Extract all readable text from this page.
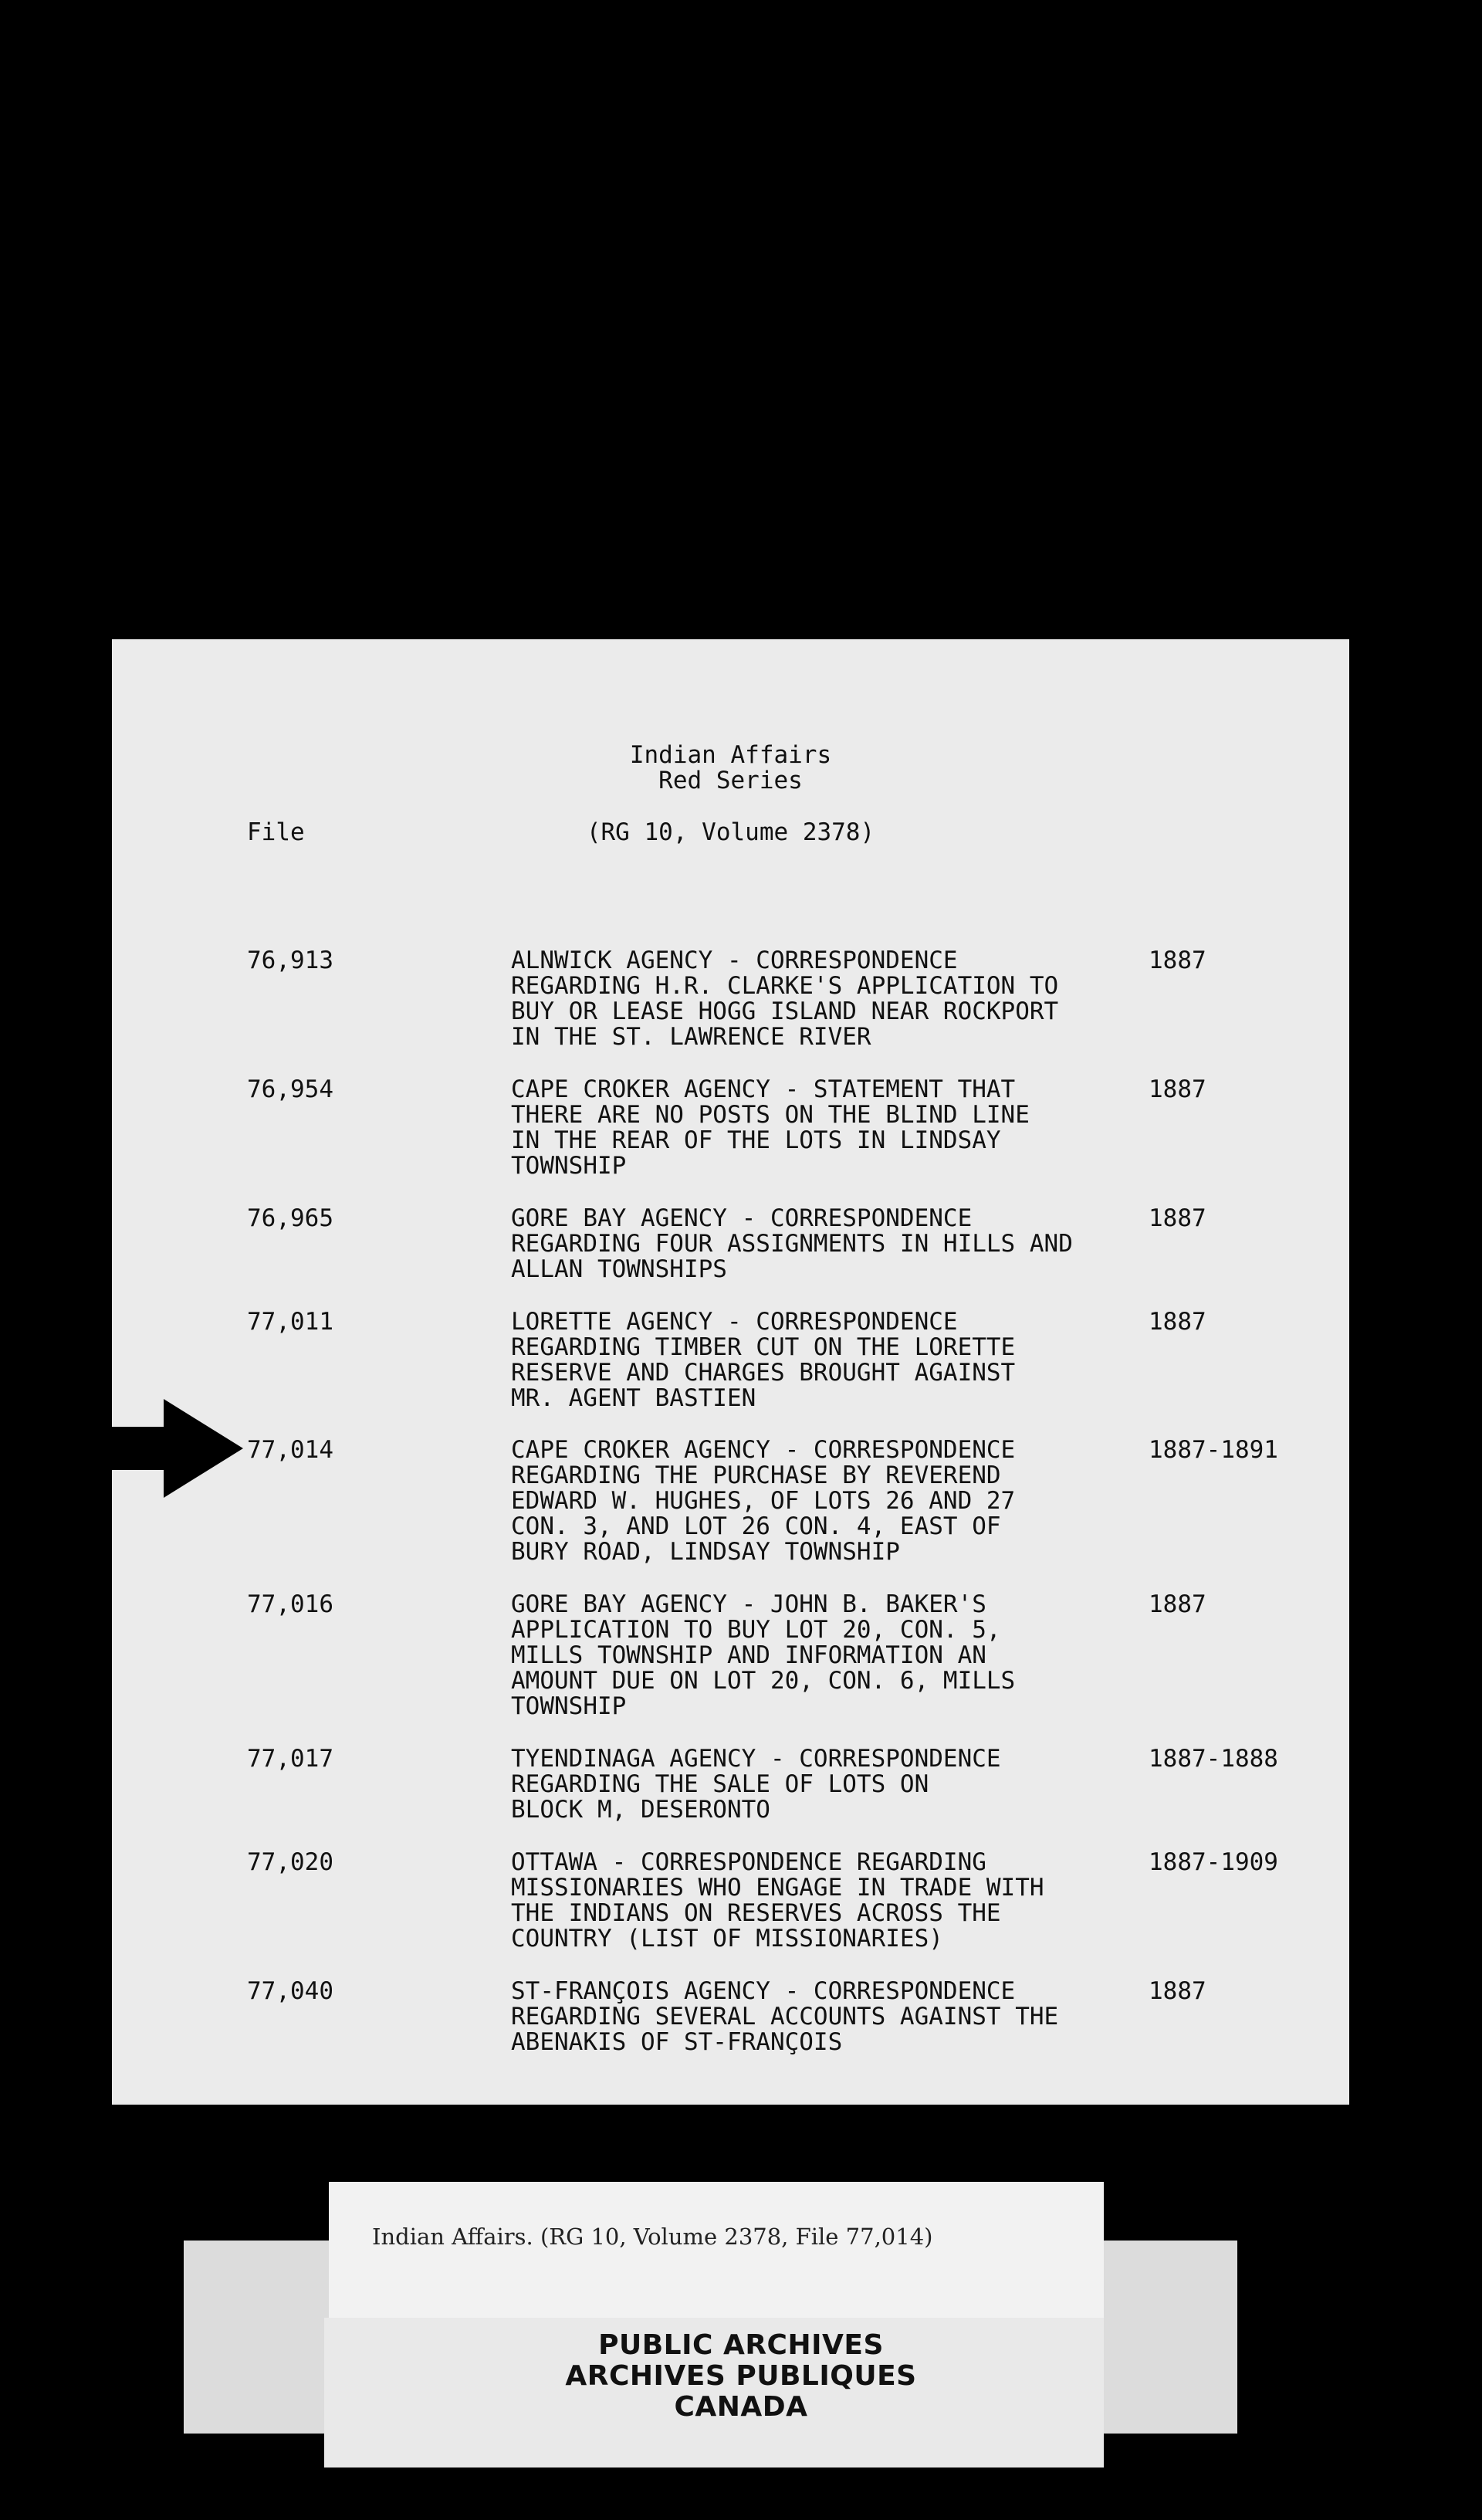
Indian Affairs
Red Series
File	(RG 10, Volume 2378)
76,913	ALNWICK AGENCY - CORRESPONDENCE
REGARDING H.R. CLARKE'S APPLICATION TO
BUY OR LEASE HOGG ISLAND NEAR ROCKPORT
IN THE ST. LAWRENCE RIVER
1887
76,954	CAPE CROKER AGENCY - STATEMENT THAT
THERE ARE NO POSTS ON THE BLIND LINE
IN THE REAR OF THE LOTS IN LINDSAY
TOWNSHIP
1887
76,965	GORE BAY AGENCY - CORRESPONDENCE
REGARDING FOUR ASSIGNMENTS IN HILLS AND
ALLAN TOWNSHIPS
1887
77,011	LORETTE AGENCY - CORRESPONDENCE
REGARDING TIMBER CUT ON THE LORETTE
RESERVE AND CHARGES BROUGHT AGAINST
MR. AGENT BASTIEN
1887
77,014	CAPE CROKER AGENCY - CORRESPONDENCE
REGARDING THE PURCHASE BY REVEREND
EDWARD W. HUGHES, OF LOTS 26 AND 27
CON. 3, AND LOT 26 CON. 4, EAST OF
BURY ROAD, LINDSAY TOWNSHIP
1887-1891
77,016	GORE BAY AGENCY - JOHN B. BAKER'S
APPLICATION TO BUY LOT 20, CON. 5,
MILLS TOWNSHIP AND INFORMATION AN
AMOUNT DUE ON LOT 20, CON. 6, MILLS
TOWNSHIP
1887
77,017	TYENDINAGA AGENCY - CORRESPONDENCE
REGARDING THE SALE OF LOTS ON
BLOCK M, DESERONTO
1887-1888
77,020	OTTAWA - CORRESPONDENCE REGARDING
MISSIONARIES WHO ENGAGE IN TRADE WITH
THE INDIANS ON RESERVES ACROSS THE
COUNTRY (LIST OF MISSIONARIES)
1887-1909
77,040	ST-FRANÇOIS AGENCY - CORRESPONDENCE
REGARDING SEVERAL ACCOUNTS AGAINST THE
ABENAKIS OF ST-FRANÇOIS
1887
Indian Affairs. (RG 10, Volume 2378, File 77,014)
PUBLIC ARCHIVES
ARCHIVES PUBLIQUES
CANADA
